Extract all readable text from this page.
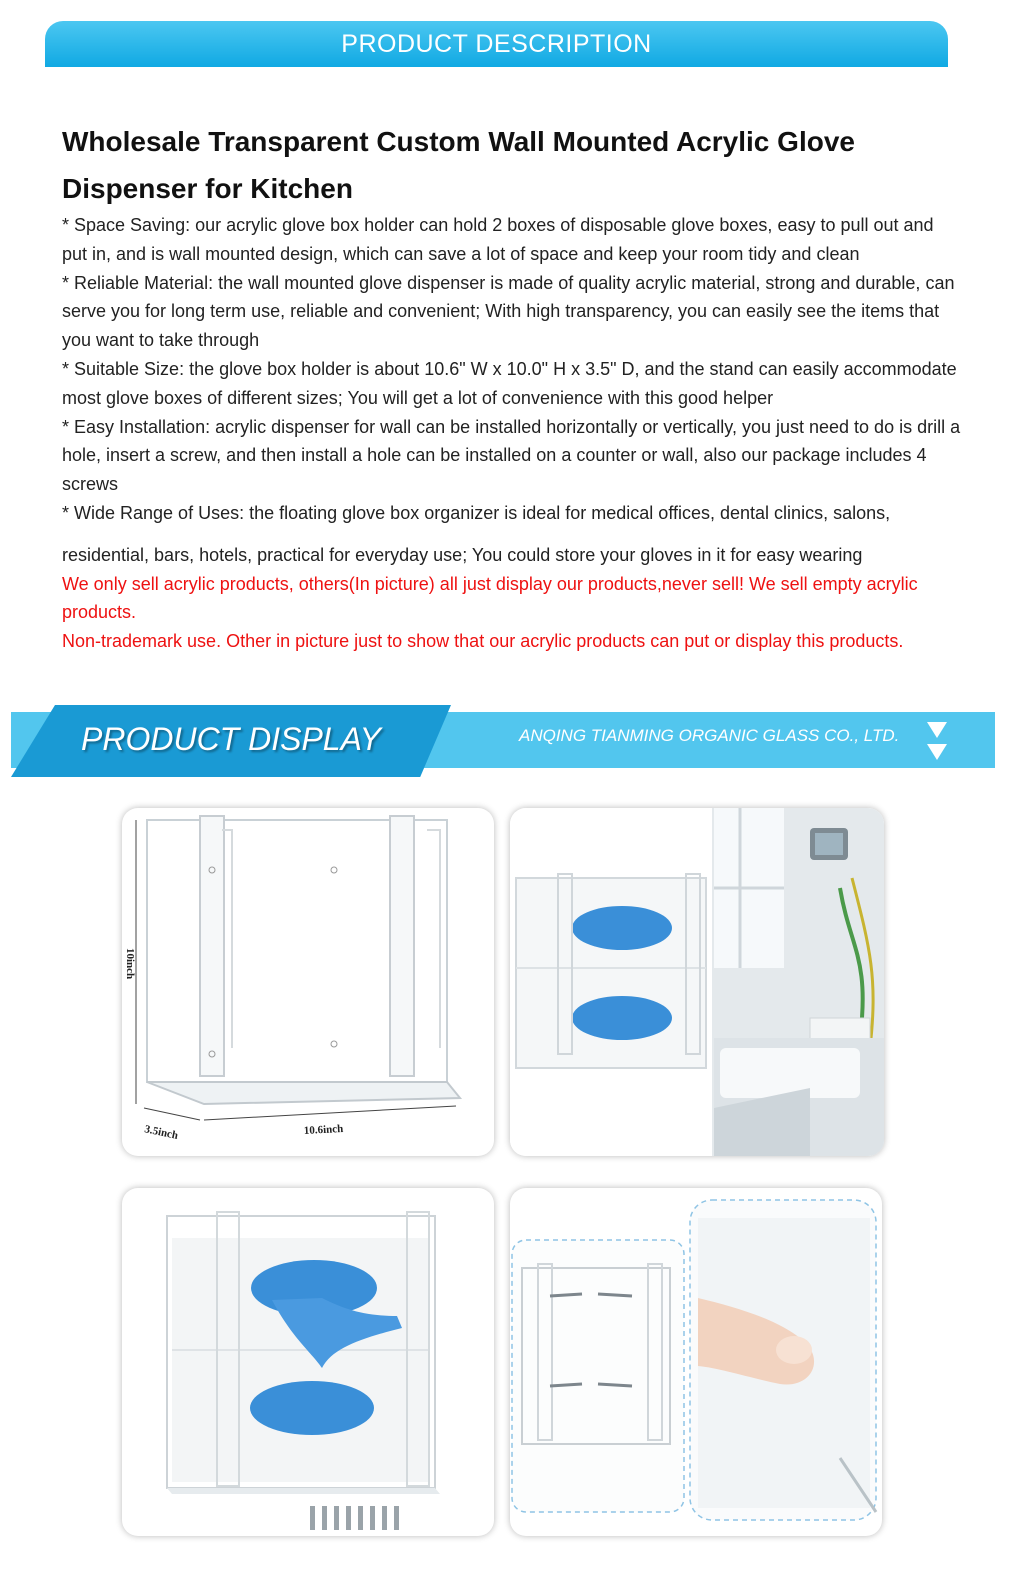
PRODUCT DESCRIPTION
Wholesale Transparent Custom Wall Mounted Acrylic Glove Dispenser for Kitchen

* Space Saving: our acrylic glove box holder can hold 2 boxes of disposable glove boxes, easy to pull out and put in, and is wall mounted design, which can save a lot of space and keep your room tidy and clean

* Reliable Material: the wall mounted glove dispenser is made of quality acrylic material, strong and durable, can serve you for long term use, reliable and convenient; With high transparency, you can easily see the items that you want to take through

* Suitable Size: the glove box holder is about 10.6" W x 10.0" H x 3.5" D, and the stand can easily accommodate most glove boxes of different sizes; You will get a lot of convenience with this good helper

* Easy Installation: acrylic dispenser for wall can be installed horizontally or vertically, you just need to do is drill a hole, insert a screw, and then install a hole can be installed on a counter or wall, also our package includes 4 screws

* Wide Range of Uses: the floating glove box organizer is ideal for medical offices, dental clinics, salons,

residential, bars, hotels, practical for everyday use; You could store your gloves in it for easy wearing

We only sell acrylic products, others(In picture) all just display our products,never sell! We sell empty acrylic products.

Non-trademark use. Other in picture just to show that our acrylic products can put or display this products.

PRODUCT DISPLAY	ANQING TIANMING ORGANIC GLASS CO., LTD.
10inch
3.5inch	10.6inch
